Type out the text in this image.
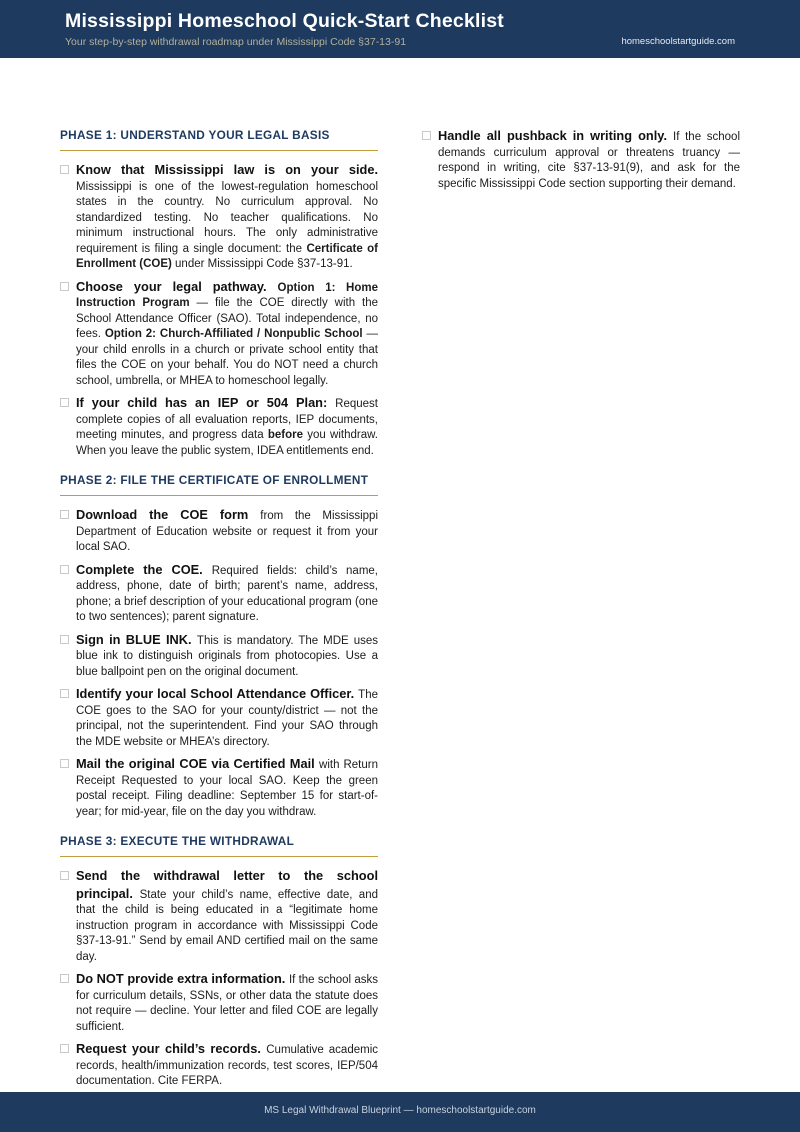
Mississippi Homeschool Quick-Start Checklist
Your step-by-step withdrawal roadmap under Mississippi Code §37-13-91	homeschoolstartguide.com
PHASE 1: UNDERSTAND YOUR LEGAL BASIS
Know that Mississippi law is on your side. Mississippi is one of the lowest-regulation homeschool states in the country. No curriculum approval. No standardized testing. No teacher qualifications. No minimum instructional hours. The only administrative requirement is filing a single document: the Certificate of Enrollment (COE) under Mississippi Code §37-13-91.
Choose your legal pathway. Option 1: Home Instruction Program — file the COE directly with the School Attendance Officer (SAO). Total independence, no fees. Option 2: Church-Affiliated / Nonpublic School — your child enrolls in a church or private school entity that files the COE on your behalf. You do NOT need a church school, umbrella, or MHEA to homeschool legally.
If your child has an IEP or 504 Plan: Request complete copies of all evaluation reports, IEP documents, meeting minutes, and progress data before you withdraw. When you leave the public system, IDEA entitlements end.
PHASE 2: FILE THE CERTIFICATE OF ENROLLMENT
Download the COE form from the Mississippi Department of Education website or request it from your local SAO.
Complete the COE. Required fields: child’s name, address, phone, date of birth; parent’s name, address, phone; a brief description of your educational program (one to two sentences); parent signature.
Sign in BLUE INK. This is mandatory. The MDE uses blue ink to distinguish originals from photocopies. Use a blue ballpoint pen on the original document.
Identify your local School Attendance Officer. The COE goes to the SAO for your county/district — not the principal, not the superintendent. Find your SAO through the MDE website or MHEA’s directory.
Mail the original COE via Certified Mail with Return Receipt Requested to your local SAO. Keep the green postal receipt. Filing deadline: September 15 for start-of-year; for mid-year, file on the day you withdraw.
PHASE 3: EXECUTE THE WITHDRAWAL
Send the withdrawal letter to the school principal. State your child’s name, effective date, and that the child is being educated in a “legitimate home instruction program in accordance with Mississippi Code §37-13-91.” Send by email AND certified mail on the same day.
Do NOT provide extra information. If the school asks for curriculum details, SSNs, or other data the statute does not require — decline. Your letter and filed COE are legally sufficient.
Request your child’s records. Cumulative academic records, health/immunization records, test scores, IEP/504 documentation. Cite FERPA.
Handle all pushback in writing only. If the school demands curriculum approval or threatens truancy — respond in writing, cite §37-13-91(9), and ask for the specific Mississippi Code section supporting their demand.
MS Legal Withdrawal Blueprint — homeschoolstartguide.com
